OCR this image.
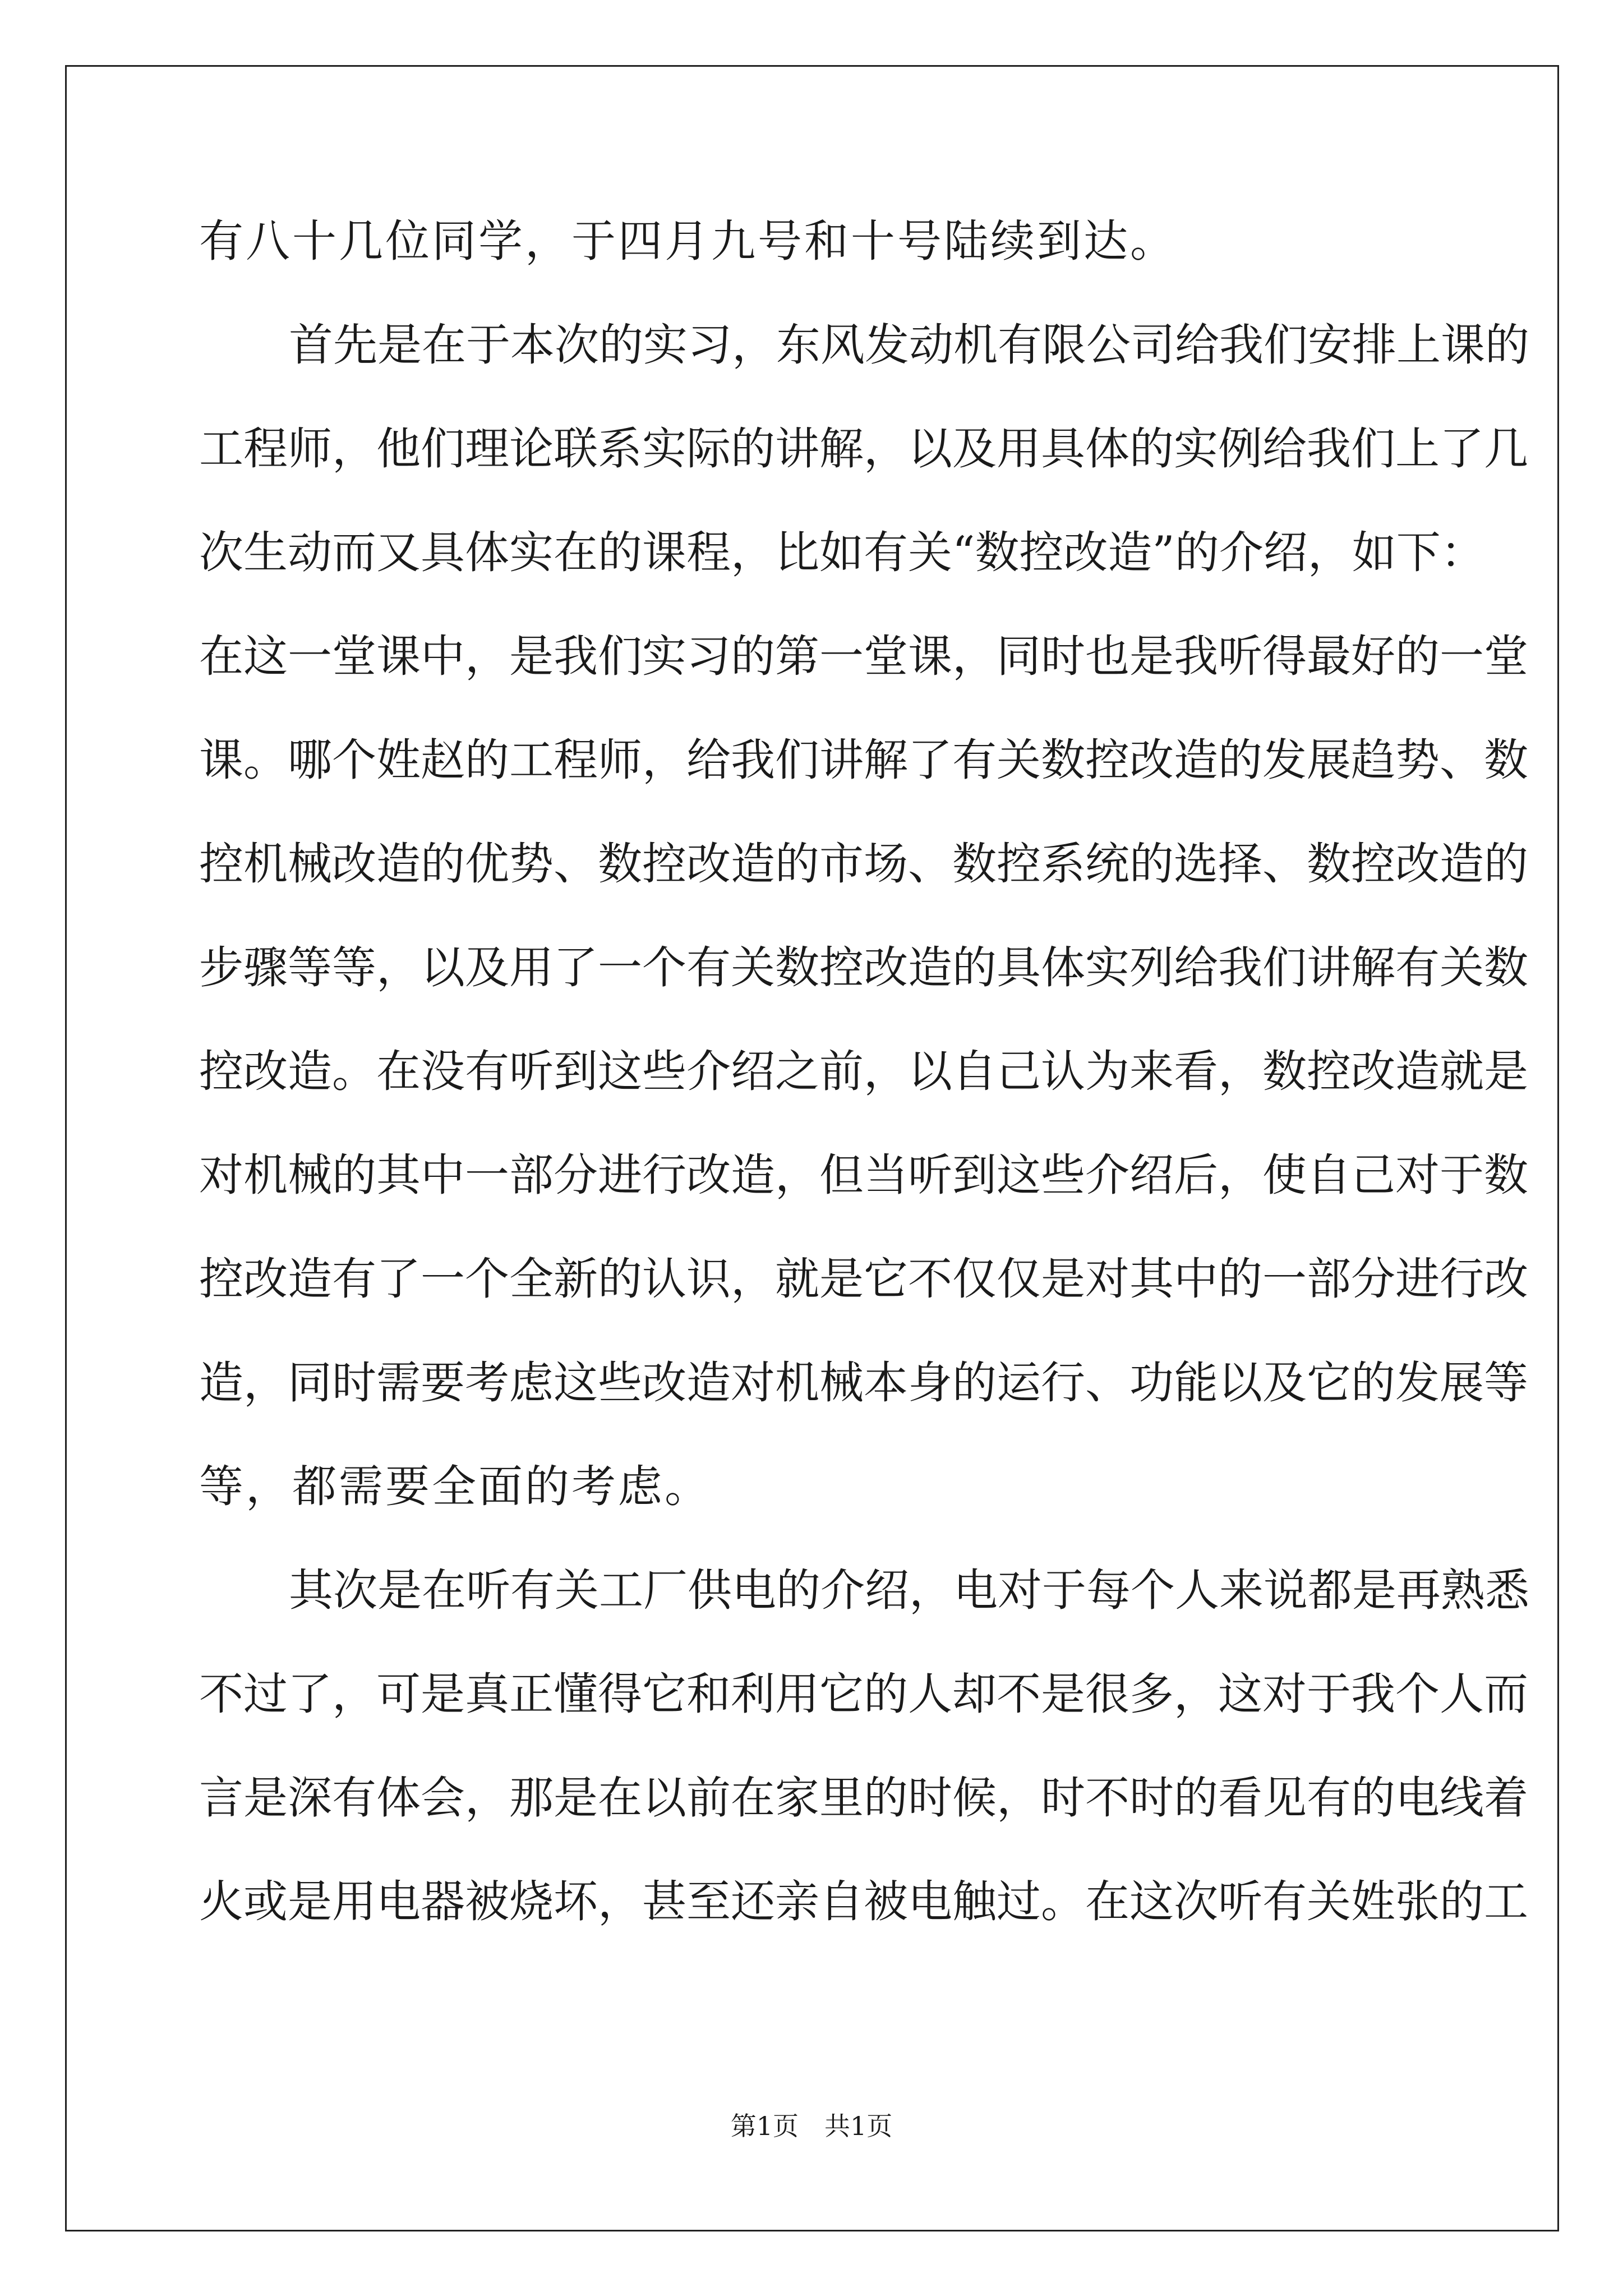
有八十几位同学，于四月九号和十号陆续到达。
首先是在于本次的实习，东风发动机有限公司给我们安排上课的
工程师，他们理论联系实际的讲解，以及用具体的实例给我们上了几
次生动而又具体实在的课程，比如有关“数控改造”的介绍，如下：
在这一堂课中，是我们实习的第一堂课，同时也是我听得最好的一堂
课。哪个姓赵的工程师，给我们讲解了有关数控改造的发展趋势、数
控机械改造的优势、数控改造的市场、数控系统的选择、数控改造的
步骤等等，以及用了一个有关数控改造的具体实列给我们讲解有关数
控改造。在没有听到这些介绍之前，以自己认为来看，数控改造就是
对机械的其中一部分进行改造，但当听到这些介绍后，使自己对于数
控改造有了一个全新的认识，就是它不仅仅是对其中的一部分进行改
造，同时需要考虑这些改造对机械本身的运行、功能以及它的发展等
等，都需要全面的考虑。
其次是在听有关工厂供电的介绍，电对于每个人来说都是再熟悉
不过了，可是真正懂得它和利用它的人却不是很多，这对于我个人而
言是深有体会，那是在以前在家里的时候，时不时的看见有的电线着
火或是用电器被烧坏，甚至还亲自被电触过。在这次听有关姓张的工
第1页 共1页
